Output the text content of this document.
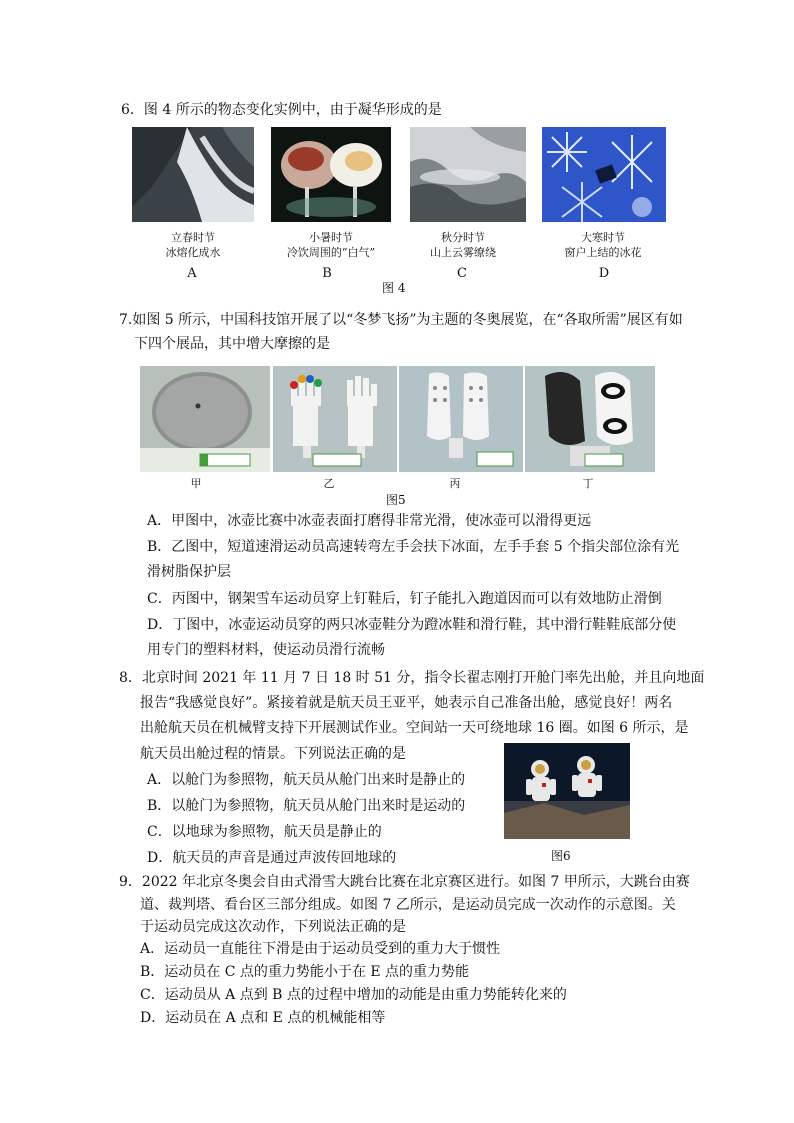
6．图 4 所示的物态变化实例中，由于凝华形成的是
立春时节
冰熔化成水
A
小暑时节
冷饮周围的“白气”
B
秋分时节
山上云雾缭绕
C
大寒时节
窗户上结的冰花
D
图 4
7.如图 5 所示，中国科技馆开展了以“冬梦飞扬”为主题的冬奥展览，在“各取所需”展区有如
下四个展品，其中增大摩擦的是
甲	乙	丙	丁
图5
A．甲图中，冰壶比赛中冰壶表面打磨得非常光滑，使冰壶可以滑得更远
B．乙图中，短道速滑运动员高速转弯左手会扶下冰面，左手手套 5 个指尖部位涂有光
滑树脂保护层
C．丙图中，钢架雪车运动员穿上钉鞋后，钉子能扎入跑道因而可以有效地防止滑倒
D．丁图中，冰壶运动员穿的两只冰壶鞋分为蹬冰鞋和滑行鞋，其中滑行鞋鞋底部分使
用专门的塑料材料，使运动员滑行流畅
8．北京时间 2021 年 11 月 7 日 18 时 51 分，指令长翟志刚打开舱门率先出舱，并且向地面
报告“我感觉良好”。紧接着就是航天员王亚平，她表示自己准备出舱，感觉良好！两名
出舱航天员在机械臂支持下开展测试作业。空间站一天可绕地球 16 圈。如图 6 所示，是
航天员出舱过程的情景。下列说法正确的是
A．以舱门为参照物，航天员从舱门出来时是静止的
B．以舱门为参照物，航天员从舱门出来时是运动的
C．以地球为参照物，航天员是静止的
D．航天员的声音是通过声波传回地球的	图6
9．2022 年北京冬奥会自由式滑雪大跳台比赛在北京赛区进行。如图 7 甲所示，大跳台由赛
道、裁判塔、看台区三部分组成。如图 7 乙所示，是运动员完成一次动作的示意图。关
于运动员完成这次动作，下列说法正确的是
A．运动员一直能往下滑是由于运动员受到的重力大于惯性
B．运动员在 C 点的重力势能小于在 E 点的重力势能
C．运动员从 A 点到 B 点的过程中增加的动能是由重力势能转化来的
D．运动员在 A 点和 E 点的机械能相等
